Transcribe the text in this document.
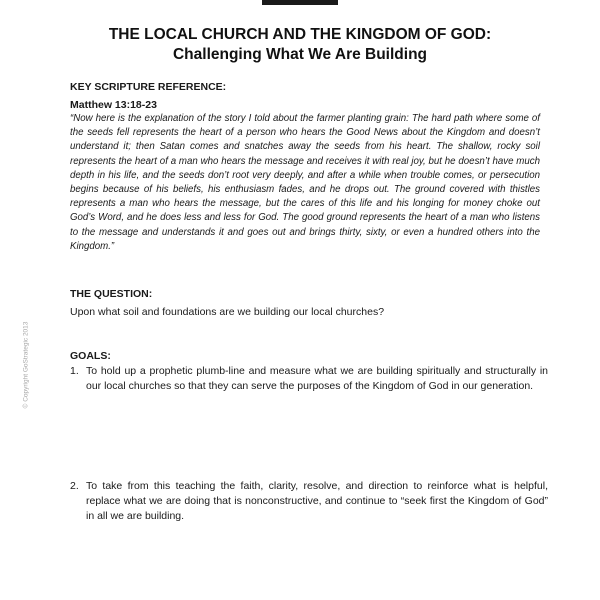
© Copyright GoStrategic 2013
THE LOCAL CHURCH AND THE KINGDOM OF GOD:
Challenging What We Are Building
KEY SCRIPTURE REFERENCE:
Matthew 13:18-23
“Now here is the explanation of the story I told about the farmer planting grain: The hard path where some of the seeds fell represents the heart of a person who hears the Good News about the Kingdom and doesn’t understand it; then Satan comes and snatches away the seeds from his heart. The shallow, rocky soil represents the heart of a man who hears the message and receives it with real joy, but he doesn’t have much depth in his life, and the seeds don’t root very deeply, and after a while when trouble comes, or persecution begins because of his beliefs, his enthusiasm fades, and he drops out. The ground covered with thistles represents a man who hears the message, but the cares of this life and his longing for money choke out God’s Word, and he does less and less for God. The good ground represents the heart of a man who listens to the message and understands it and goes out and brings thirty, sixty, or even a hundred others into the Kingdom.”
THE QUESTION:
Upon what soil and foundations are we building our local churches?
GOALS:
1. To hold up a prophetic plumb-line and measure what we are building spiritually and structurally in our local churches so that they can serve the purposes of the Kingdom of God in our generation.
2. To take from this teaching the faith, clarity, resolve, and direction to reinforce what is helpful, replace what we are doing that is nonconstructive, and continue to “seek first the Kingdom of God” in all we are building.
